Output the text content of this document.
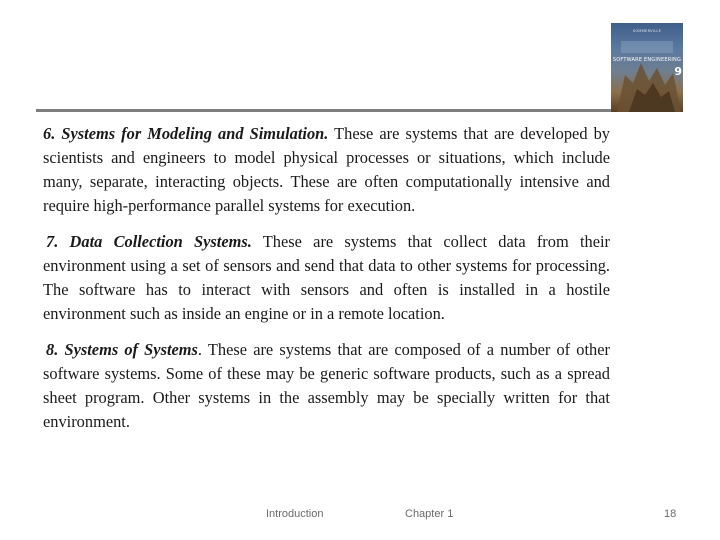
SOMMERVILLE
SOFTWARE ENGINEERING
9

6. Systems for Modeling and Simulation. These are systems that are developed by scientists and engineers to model physical processes or situations, which include many, separate, interacting objects. These are often computationally intensive and require high-performance parallel systems for execution.

7. Data Collection Systems. These are systems that collect data from their environment using a set of sensors and send that data to other systems for processing. The software has to interact with sensors and often is installed in a hostile environment such as inside an engine or in a remote location.

8. Systems of Systems. These are systems that are composed of a number of other software systems. Some of these may be generic software products, such as a spread sheet program. Other systems in the assembly may be specially written for that environment.

Introduction	Chapter 1	18
